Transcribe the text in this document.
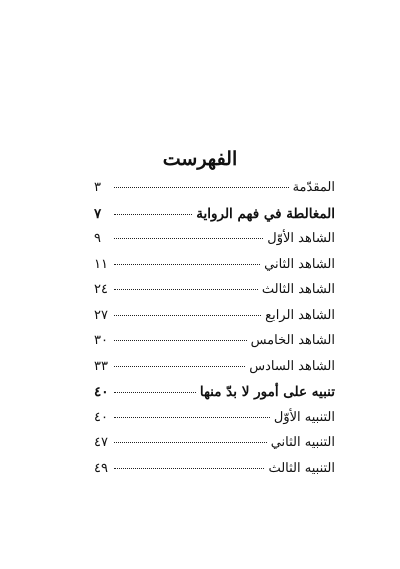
الفهرست
المقدّمة
٣
المغالطة في فهم الرواية
٧
الشاهد الأوّل
٩
الشاهد الثاني
١١
الشاهد الثالث
٢٤
الشاهد الرابع
٢٧
الشاهد الخامس
٣٠
الشاهد السادس
٣٣
تنبيه على أمور لا بدّ منها
٤٠
التنبيه الأوّل
٤٠
التنبيه الثاني
٤٧
التنبيه الثالث
٤٩
